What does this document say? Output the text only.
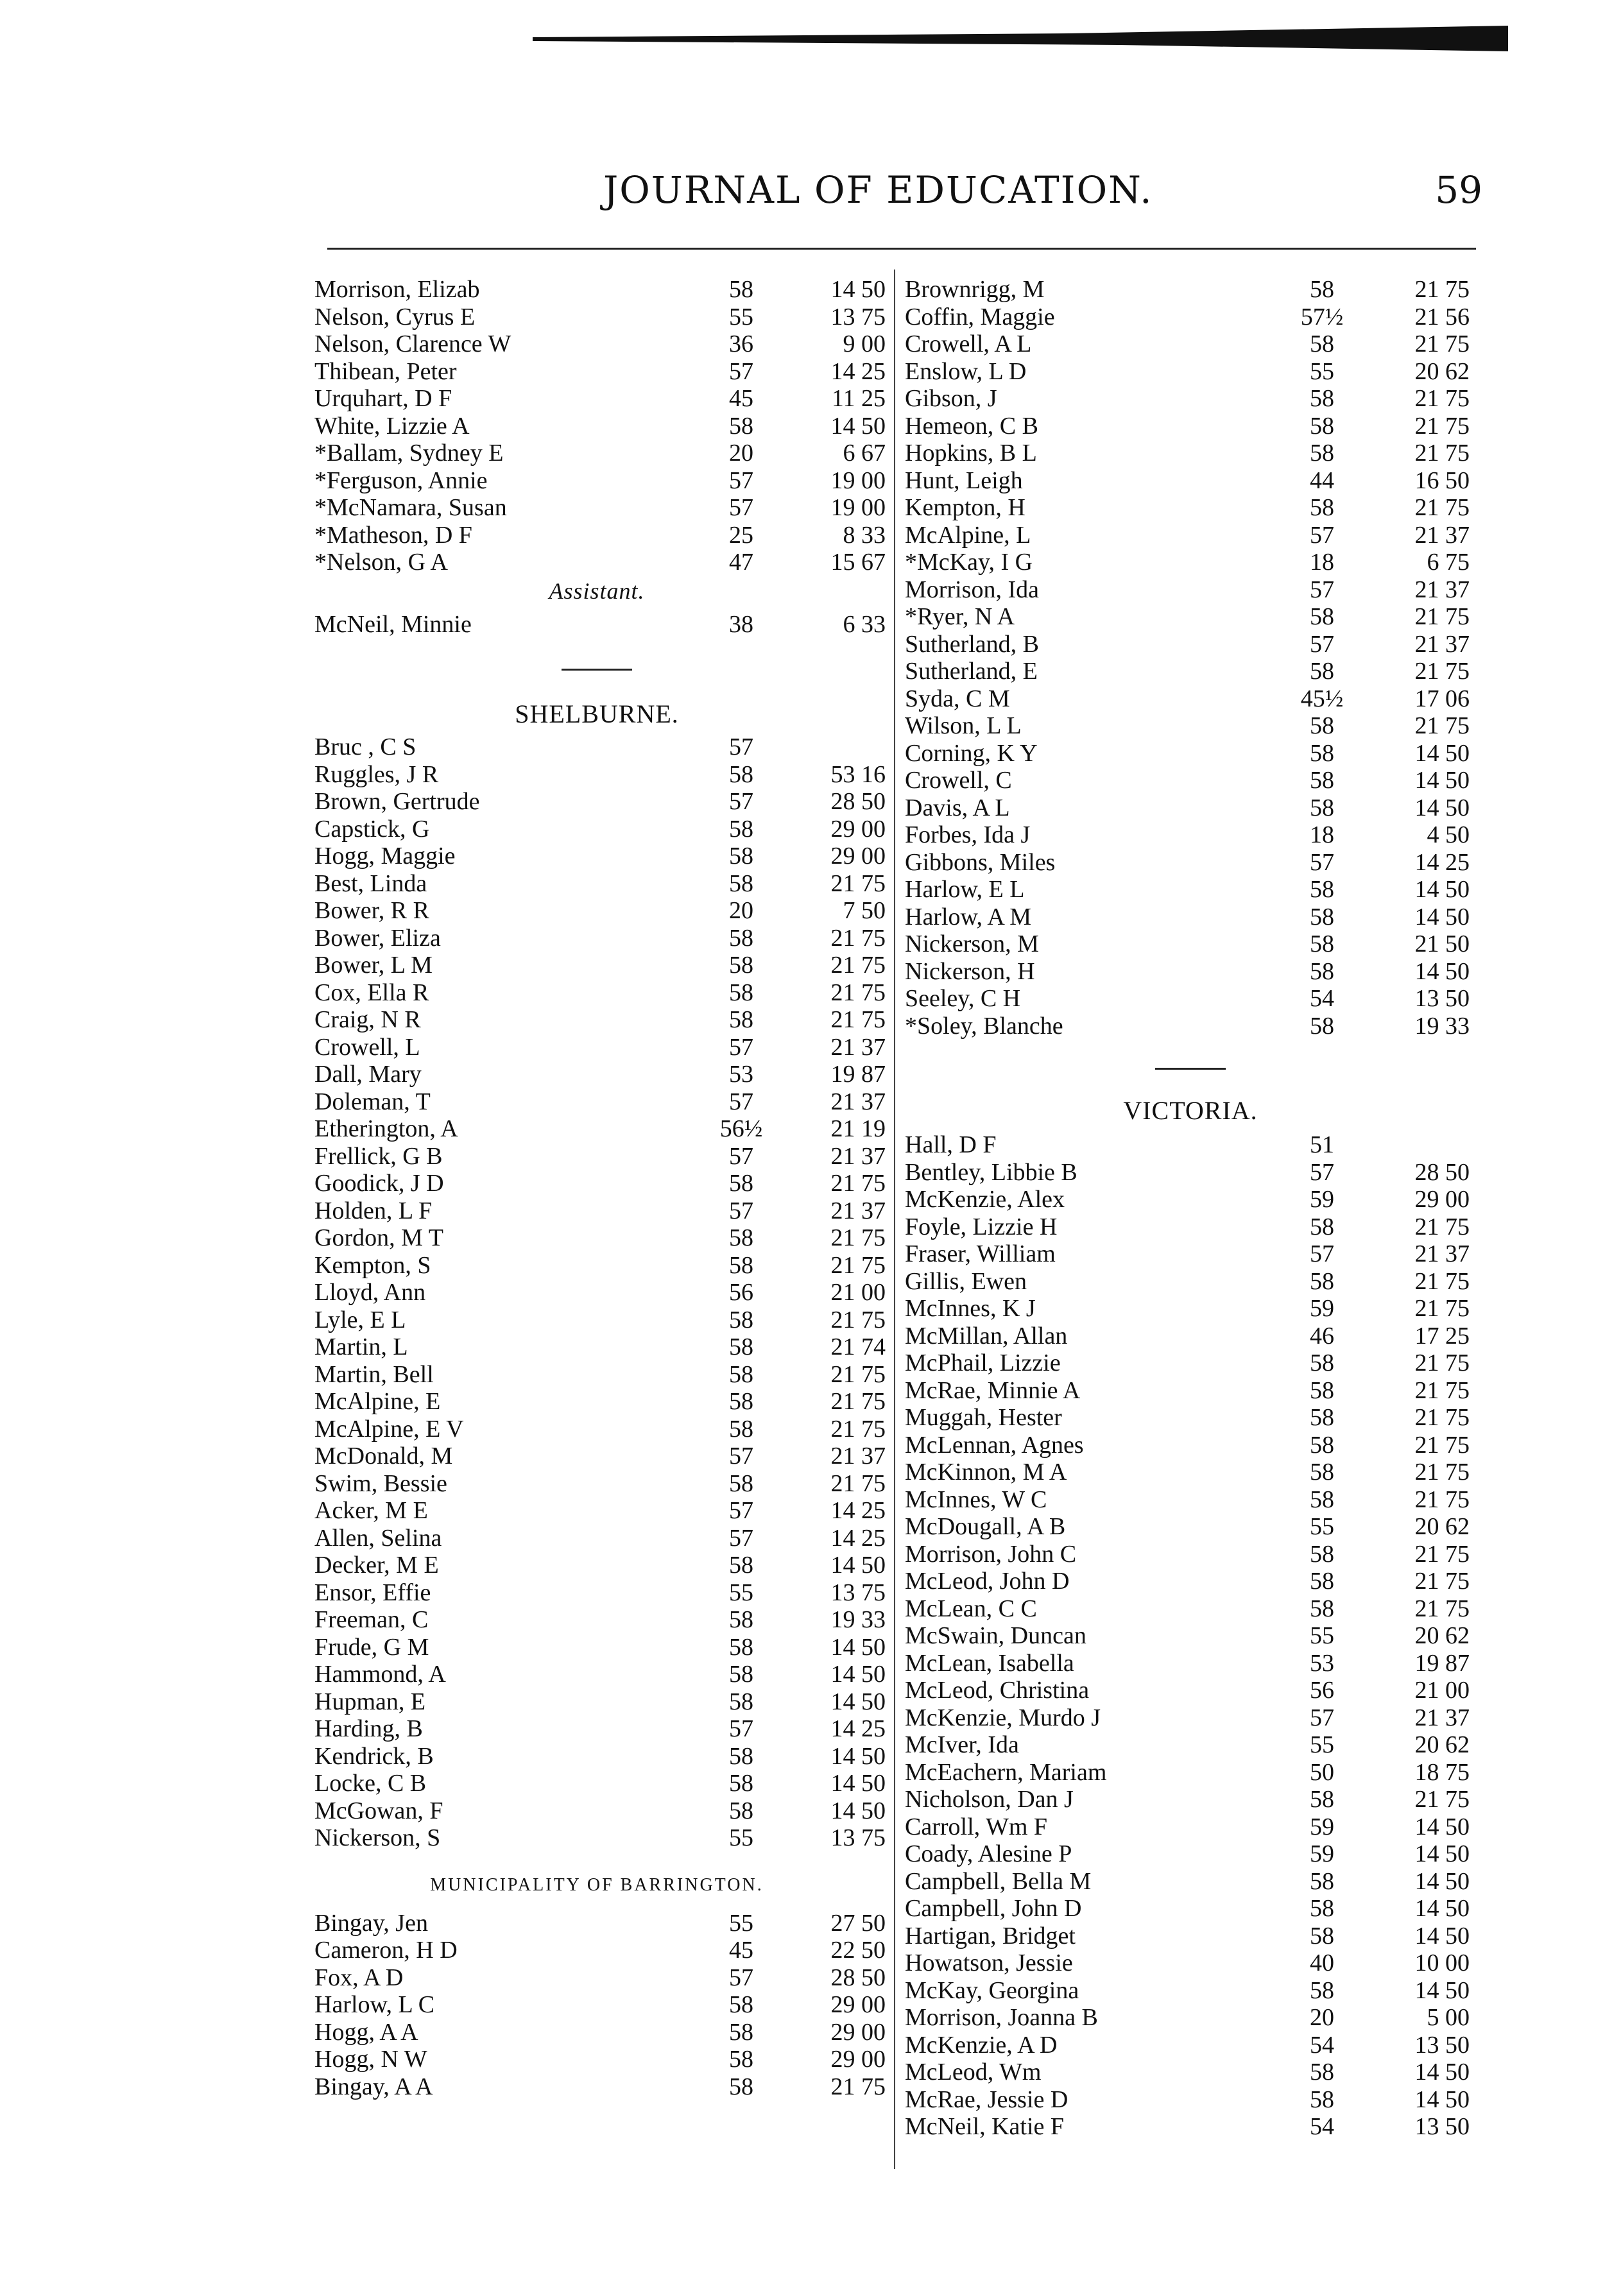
JOURNAL OF EDUCATION.	59
Morrison, Elizab	58	14 50
Nelson, Cyrus E	55	13 75
Nelson, Clarence W	36	9 00
Thibean, Peter	57	14 25
Urquhart, D F	45	11 25
White, Lizzie A	58	14 50
*Ballam, Sydney E	20	6 67
*Ferguson, Annie	57	19 00
*McNamara, Susan	57	19 00
*Matheson, D F	25	8 33
*Nelson, G A	47	15 67
Assistant.
McNeil, Minnie	38	6 33
SHELBURNE.
Bruc , C S	57
Ruggles, J R	58	53 16
Brown, Gertrude	57	28 50
Capstick, G	58	29 00
Hogg, Maggie	58	29 00
Best, Linda	58	21 75
Bower, R R	20	7 50
Bower, Eliza	58	21 75
Bower, L M	58	21 75
Cox, Ella R	58	21 75
Craig, N R	58	21 75
Crowell, L	57	21 37
Dall, Mary	53	19 87
Doleman, T	57	21 37
Etherington, A	56½	21 19
Frellick, G B	57	21 37
Goodick, J D	58	21 75
Holden, L F	57	21 37
Gordon, M T	58	21 75
Kempton, S	58	21 75
Lloyd, Ann	56	21 00
Lyle, E L	58	21 75
Martin, L	58	21 74
Martin, Bell	58	21 75
McAlpine, E	58	21 75
McAlpine, E V	58	21 75
McDonald, M	57	21 37
Swim, Bessie	58	21 75
Acker, M E	57	14 25
Allen, Selina	57	14 25
Decker, M E	58	14 50
Ensor, Effie	55	13 75
Freeman, C	58	19 33
Frude, G M	58	14 50
Hammond, A	58	14 50
Hupman, E	58	14 50
Harding, B	57	14 25
Kendrick, B	58	14 50
Locke, C B	58	14 50
McGowan, F	58	14 50
Nickerson, S	55	13 75
MUNICIPALITY OF BARRINGTON.
Bingay, Jen	55	27 50
Cameron, H D	45	22 50
Fox, A D	57	28 50
Harlow, L C	58	29 00
Hogg, A A	58	29 00
Hogg, N W	58	29 00
Bingay, A A	58	21 75
Brownrigg, M	58	21 75
Coffin, Maggie	57½	21 56
Crowell, A L	58	21 75
Enslow, L D	55	20 62
Gibson, J	58	21 75
Hemeon, C B	58	21 75
Hopkins, B L	58	21 75
Hunt, Leigh	44	16 50
Kempton, H	58	21 75
McAlpine, L	57	21 37
*McKay, I G	18	6 75
Morrison, Ida	57	21 37
*Ryer, N A	58	21 75
Sutherland, B	57	21 37
Sutherland, E	58	21 75
Syda, C M	45½	17 06
Wilson, L L	58	21 75
Corning, K Y	58	14 50
Crowell, C	58	14 50
Davis, A L	58	14 50
Forbes, Ida J	18	4 50
Gibbons, Miles	57	14 25
Harlow, E L	58	14 50
Harlow, A M	58	14 50
Nickerson, M	58	21 50
Nickerson, H	58	14 50
Seeley, C H	54	13 50
*Soley, Blanche	58	19 33
VICTORIA.
Hall, D F	51
Bentley, Libbie B	57	28 50
McKenzie, Alex	59	29 00
Foyle, Lizzie H	58	21 75
Fraser, William	57	21 37
Gillis, Ewen	58	21 75
McInnes, K J	59	21 75
McMillan, Allan	46	17 25
McPhail, Lizzie	58	21 75
McRae, Minnie A	58	21 75
Muggah, Hester	58	21 75
McLennan, Agnes	58	21 75
McKinnon, M A	58	21 75
McInnes, W C	58	21 75
McDougall, A B	55	20 62
Morrison, John C	58	21 75
McLeod, John D	58	21 75
McLean, C C	58	21 75
McSwain, Duncan	55	20 62
McLean, Isabella	53	19 87
McLeod, Christina	56	21 00
McKenzie, Murdo J	57	21 37
McIver, Ida	55	20 62
McEachern, Mariam	50	18 75
Nicholson, Dan J	58	21 75
Carroll, Wm F	59	14 50
Coady, Alesine P	59	14 50
Campbell, Bella M	58	14 50
Campbell, John D	58	14 50
Hartigan, Bridget	58	14 50
Howatson, Jessie	40	10 00
McKay, Georgina	58	14 50
Morrison, Joanna B	20	5 00
McKenzie, A D	54	13 50
McLeod, Wm	58	14 50
McRae, Jessie D	58	14 50
McNeil, Katie F	54	13 50
